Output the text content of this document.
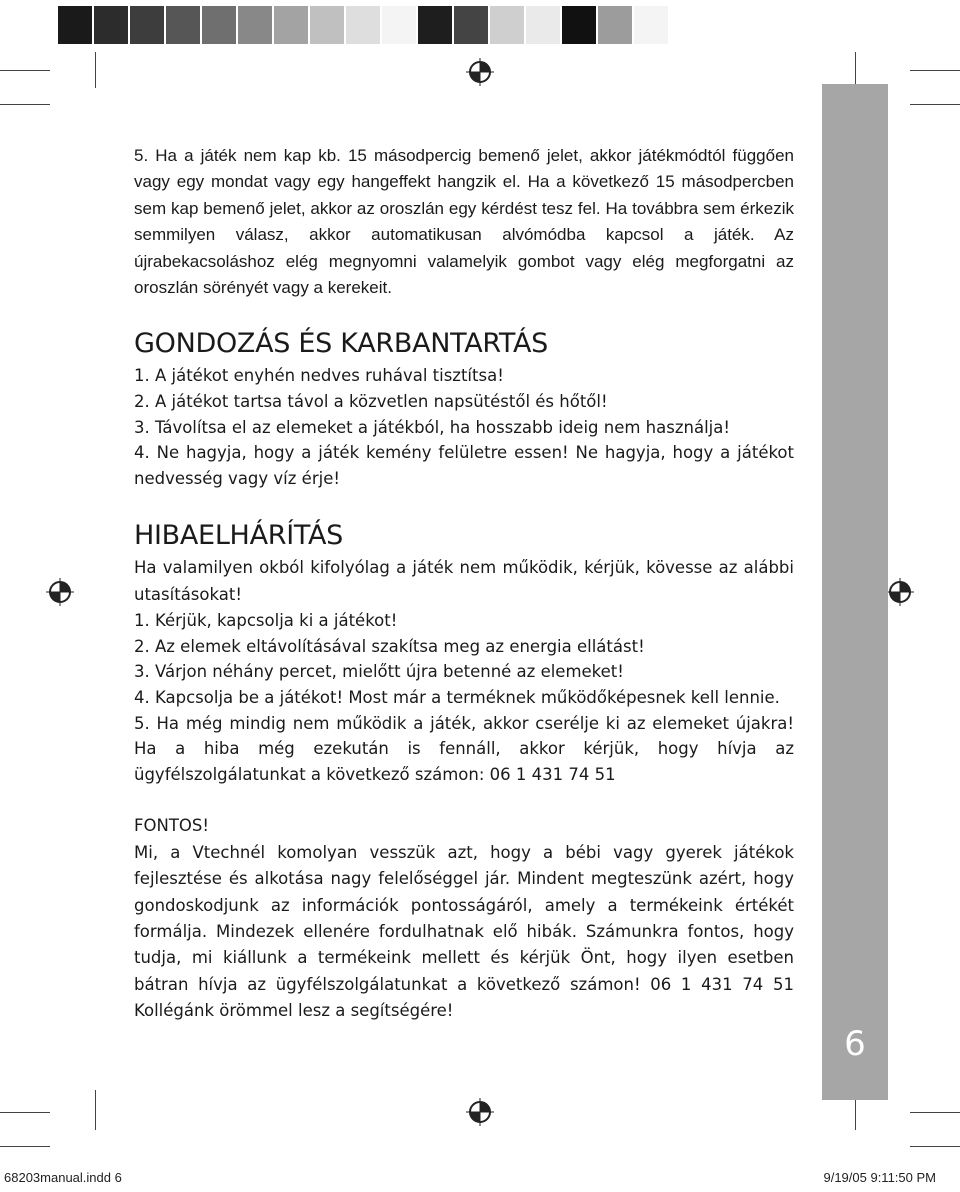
6

5. Ha a játék nem kap kb. 15 másodpercig bemenő jelet, akkor játékmódtól függően vagy egy mondat vagy egy hangeffekt hangzik el. Ha a következő 15 másodpercben sem kap bemenő jelet, akkor az oroszlán egy kérdést tesz fel. Ha továbbra sem érkezik semmilyen válasz, akkor automatikusan alvómódba kapcsol a játék. Az újrabekacsoláshoz elég megnyomni valamelyik gombot vagy elég megforgatni az oroszlán sörényét vagy a kerekeit.

GONDOZÁS ÉS KARBANTARTÁS
1. A játékot enyhén nedves ruhával tisztítsa!
2. A játékot tartsa távol a közvetlen napsütéstől és hőtől!
3. Távolítsa el az elemeket a játékból, ha hosszabb ideig nem használja!
4. Ne hagyja, hogy a játék kemény felületre essen! Ne hagyja, hogy a játékot nedvesség vagy víz érje!
HIBAELHÁRÍTÁS

Ha valamilyen okból kifolyólag a játék nem működik, kérjük, kövesse az alábbi utasításokat!

1. Kérjük, kapcsolja ki a játékot!
2. Az elemek eltávolításával szakítsa meg az energia ellátást!
3. Várjon néhány percet, mielőtt újra betenné az elemeket!
4. Kapcsolja be a játékot! Most már a terméknek működőképesnek kell lennie.
5. Ha még mindig nem működik a játék, akkor cserélje ki az elemeket újakra! Ha a hiba még ezekután is fennáll, akkor kérjük, hogy hívja az ügyfélszolgálatunkat a következő számon: 06 1 431 74 51

FONTOS!

Mi, a Vtechnél komolyan vesszük azt, hogy a bébi vagy gyerek játékok fejlesztése és alkotása nagy felelőséggel jár. Mindent megteszünk azért, hogy gondoskodjunk az információk pontosságáról, amely a termékeink értékét formálja. Mindezek ellenére fordulhatnak elő hibák. Számunkra fontos, hogy tudja, mi kiállunk a termékeink mellett és kérjük Önt, hogy ilyen esetben bátran hívja az ügyfélszolgálatunkat a következő számon! 06 1 431 74 51 Kollégánk örömmel lesz a segítségére!

68203manual.indd 6	9/19/05 9:11:50 PM
